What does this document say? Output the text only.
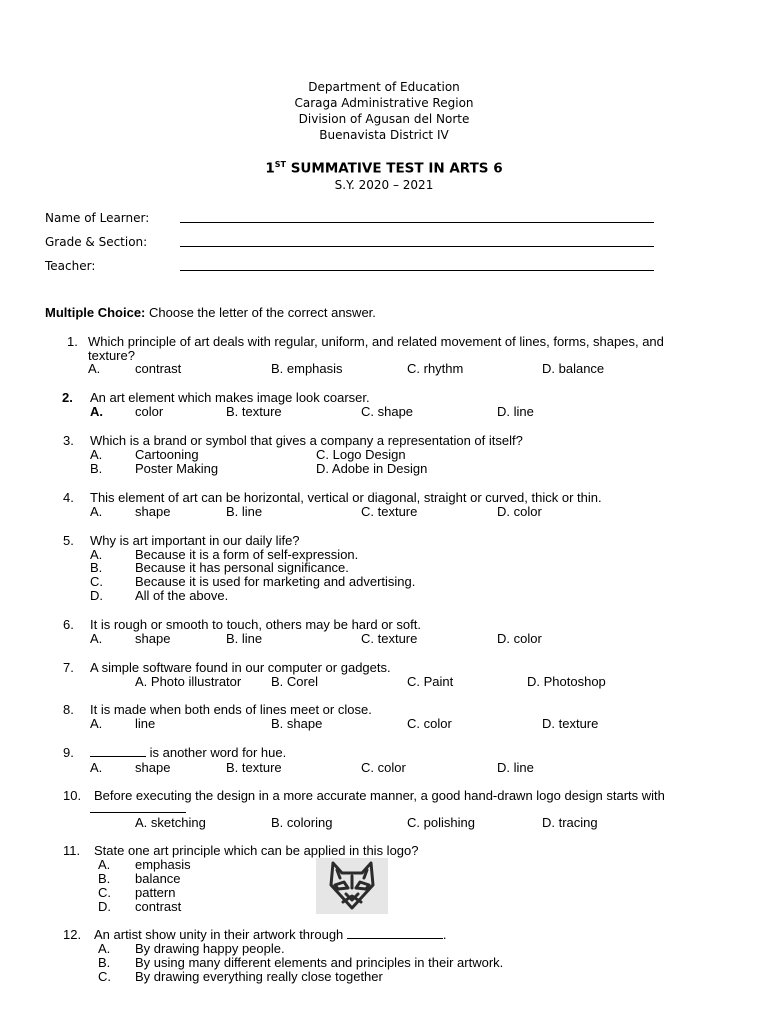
Department of Education
Caraga Administrative Region
Division of Agusan del Norte
Buenavista District IV
1ST SUMMATIVE TEST IN ARTS 6
S.Y. 2020 – 2021
Name of Learner:
Grade & Section:
Teacher:
Multiple Choice: Choose the letter of the correct answer.
1. Which principle of art deals with regular, uniform, and related movement of lines, forms, shapes, and
texture?
A.	contrast	B. emphasis	C. rhythm	D. balance
2. An art element which makes image look coarser.
A. color	B. texture	C. shape	D. line
3. Which is a brand or symbol that gives a company a representation of itself?
A.	Cartooning	C. Logo Design
B.	Poster Making	D. Adobe in Design
4. This element of art can be horizontal, vertical or diagonal, straight or curved, thick or thin.
A.	shape	B. line	C. texture	D. color
5. Why is art important in our daily life?
A.	Because it is a form of self-expression.
B.	Because it has personal significance.
C. Because it is used for marketing and advertising.
D. All of the above.
6. It is rough or smooth to touch, others may be hard or soft.
A.	shape	B. line	C. texture	D. color
7. A simple software found in our computer or gadgets.
A. Photo illustrator B. Corel	C. Paint	D. Photoshop
8. It is made when both ends of lines meet or close.
A.	line	B. shape	C. color	D. texture
9.	is another word for hue.
A.	shape	B. texture	C. color	D. line
10. Before executing the design in a more accurate manner, a good hand-drawn logo design starts with
A. sketching	B. coloring	C. polishing	D. tracing
11. State one art principle which can be applied in this logo?
A. emphasis
B. balance
C. pattern
D. contrast
12. An artist show unity in their artwork through	.
A. By drawing happy people.
B. By using many different elements and principles in their artwork.
C. By drawing everything really close together
